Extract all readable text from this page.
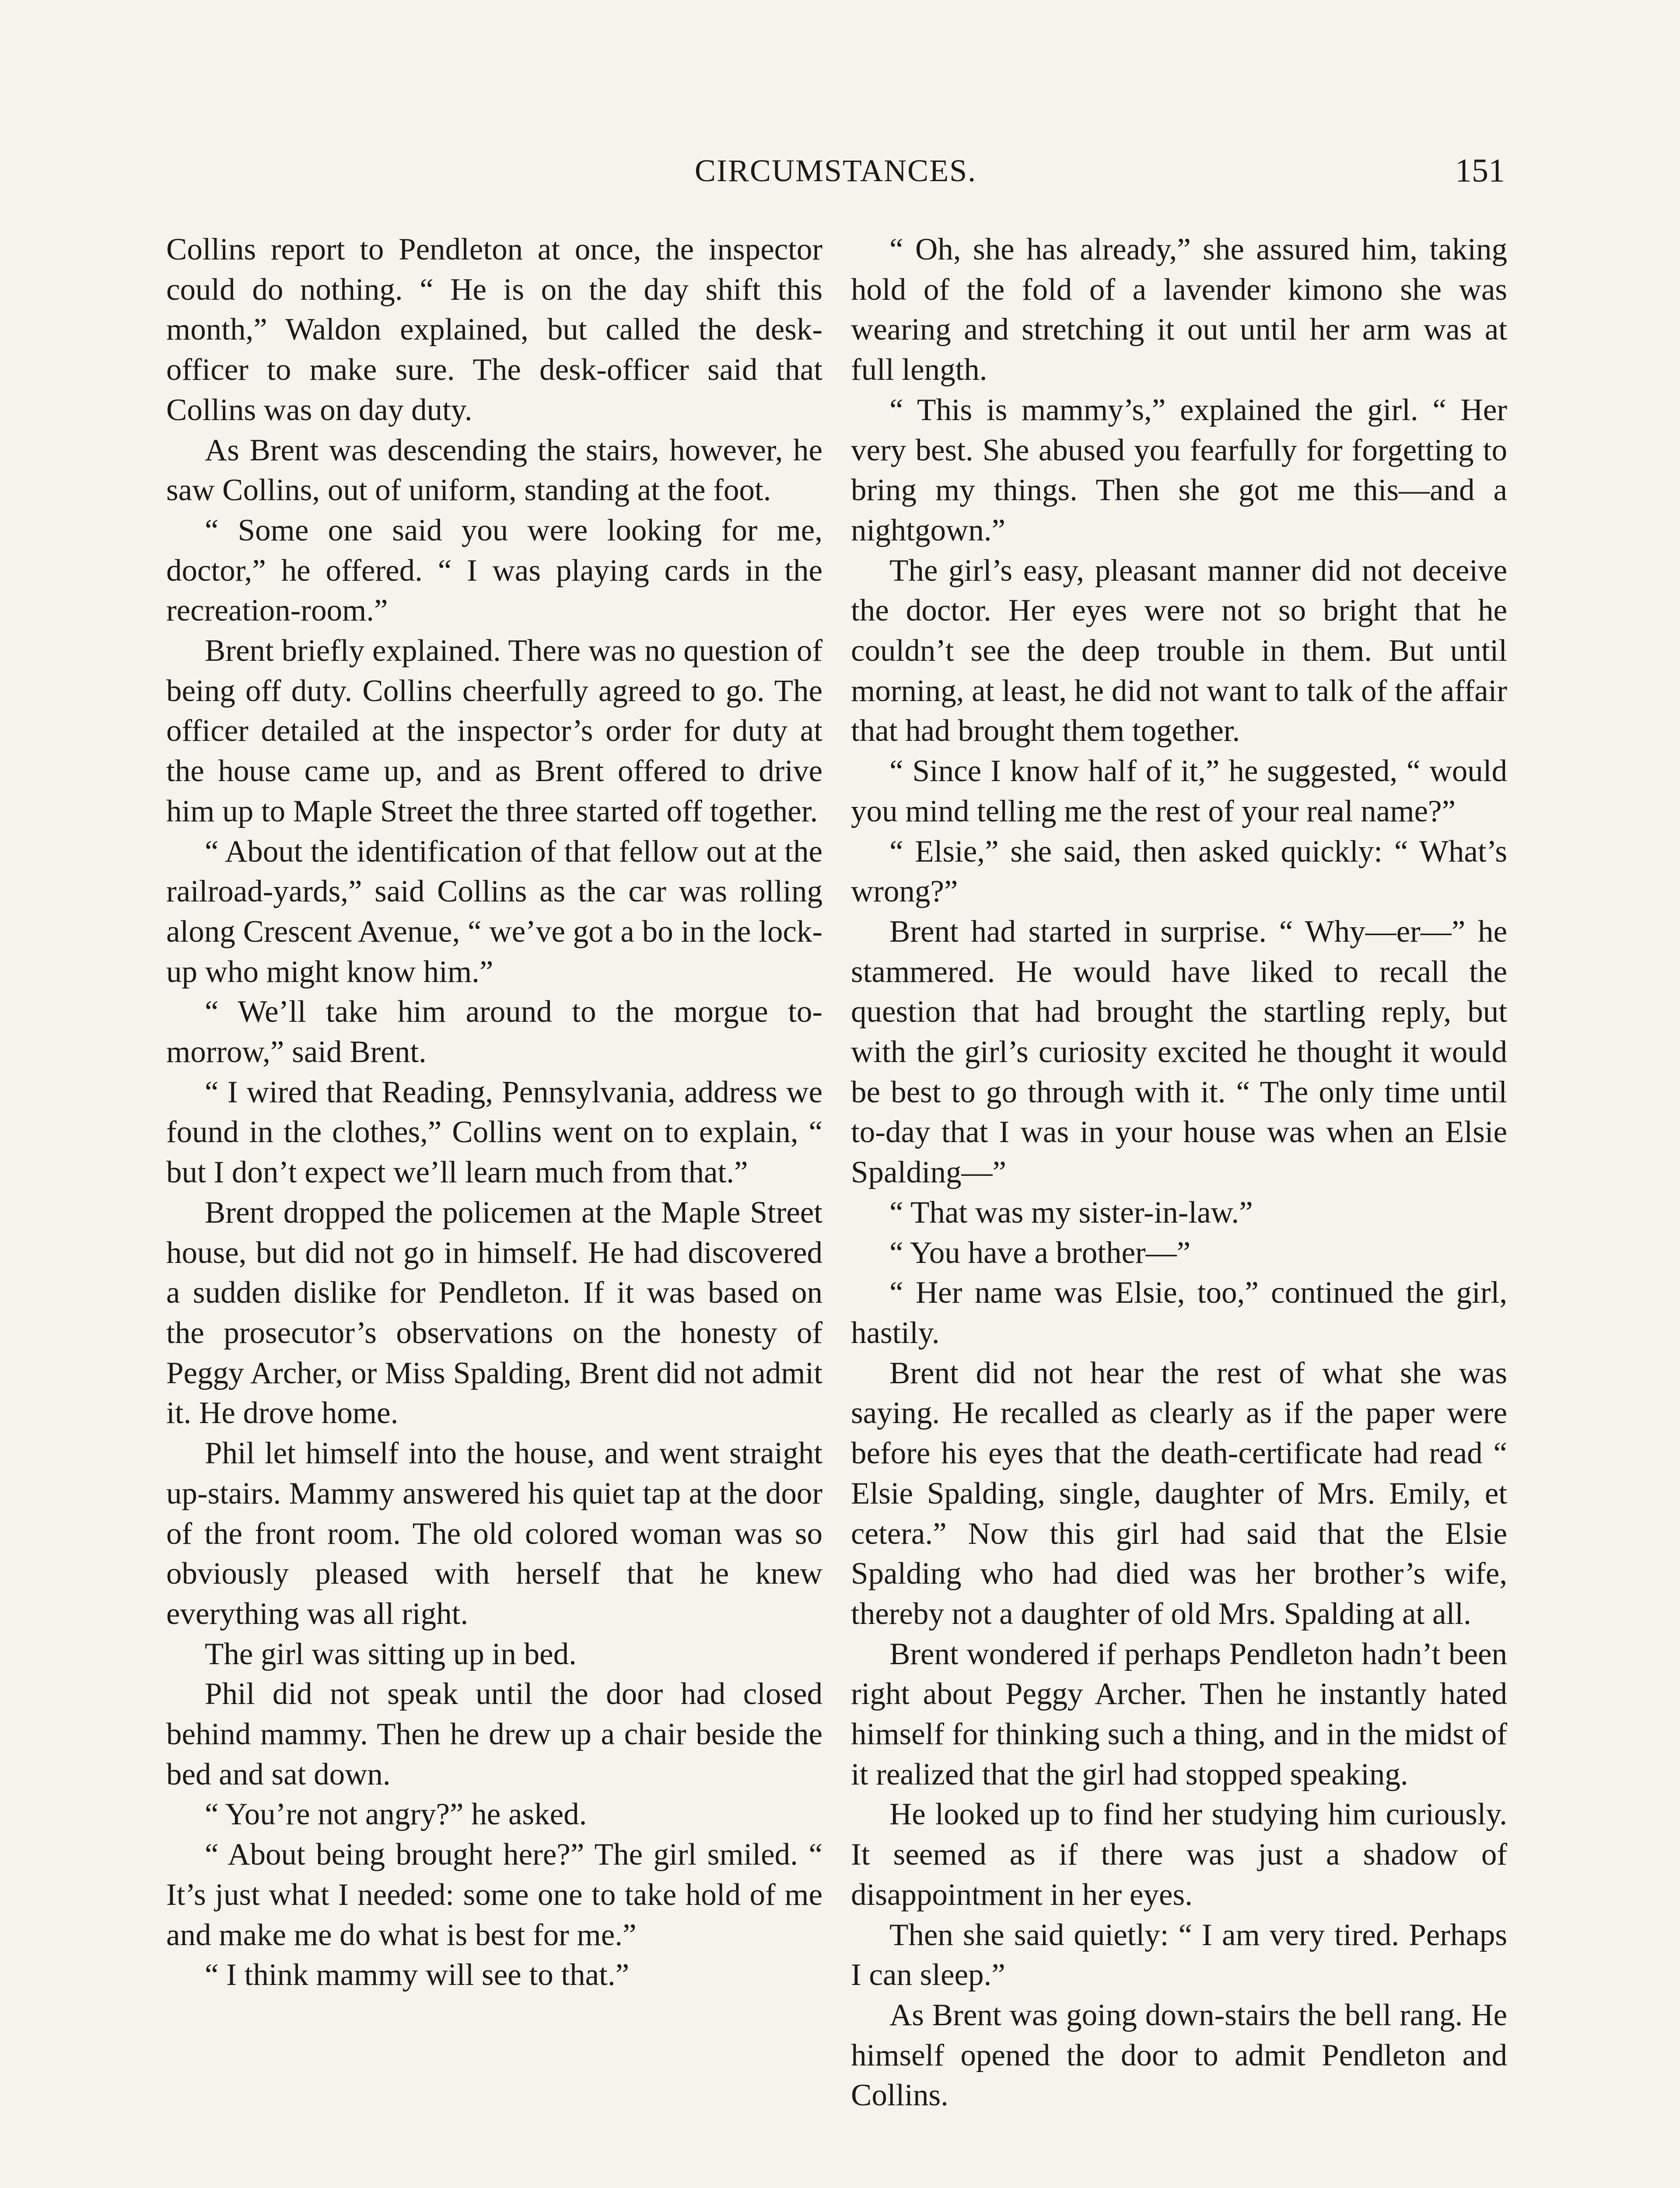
CIRCUMSTANCES.	151

Collins report to Pendleton at once, the inspector could do nothing. “ He is on the day shift this month,” Waldon explained, but called the desk-officer to make sure. The desk-officer said that Collins was on day duty.

As Brent was descending the stairs, however, he saw Collins, out of uniform, standing at the foot.

“ Some one said you were looking for me, doctor,” he offered. “ I was playing cards in the recreation-room.”

Brent briefly explained. There was no question of being off duty. Collins cheerfully agreed to go. The officer detailed at the inspector’s order for duty at the house came up, and as Brent offered to drive him up to Maple Street the three started off together.

“ About the identification of that fellow out at the railroad-yards,” said Collins as the car was rolling along Crescent Avenue, “ we’ve got a bo in the lock-up who might know him.”

“ We’ll take him around to the morgue to-morrow,” said Brent.

“ I wired that Reading, Pennsylvania, address we found in the clothes,” Collins went on to explain, “ but I don’t expect we’ll learn much from that.”

Brent dropped the policemen at the Maple Street house, but did not go in himself. He had discovered a sudden dislike for Pendleton. If it was based on the prosecutor’s observations on the honesty of Peggy Archer, or Miss Spalding, Brent did not admit it. He drove home.

Phil let himself into the house, and went straight up-stairs. Mammy answered his quiet tap at the door of the front room. The old colored woman was so obviously pleased with herself that he knew everything was all right.

The girl was sitting up in bed.

Phil did not speak until the door had closed behind mammy. Then he drew up a chair beside the bed and sat down.

“ You’re not angry?” he asked.

“ About being brought here?” The girl smiled. “ It’s just what I needed: some one to take hold of me and make me do what is best for me.”

“ I think mammy will see to that.”

“ Oh, she has already,” she assured him, taking hold of the fold of a lavender kimono she was wearing and stretching it out until her arm was at full length.

“ This is mammy’s,” explained the girl. “ Her very best. She abused you fearfully for forgetting to bring my things. Then she got me this—and a nightgown.”

The girl’s easy, pleasant manner did not deceive the doctor. Her eyes were not so bright that he couldn’t see the deep trouble in them. But until morning, at least, he did not want to talk of the affair that had brought them together.

“ Since I know half of it,” he suggested, “ would you mind telling me the rest of your real name?”

“ Elsie,” she said, then asked quickly: “ What’s wrong?”

Brent had started in surprise. “ Why—er—” he stammered. He would have liked to recall the question that had brought the startling reply, but with the girl’s curiosity excited he thought it would be best to go through with it. “ The only time until to-day that I was in your house was when an Elsie Spalding—”

“ That was my sister-in-law.”

“ You have a brother—”

“ Her name was Elsie, too,” continued the girl, hastily.

Brent did not hear the rest of what she was saying. He recalled as clearly as if the paper were before his eyes that the death-certificate had read “ Elsie Spalding, single, daughter of Mrs. Emily, et cetera.” Now this girl had said that the Elsie Spalding who had died was her brother’s wife, thereby not a daughter of old Mrs. Spalding at all.

Brent wondered if perhaps Pendleton hadn’t been right about Peggy Archer. Then he instantly hated himself for thinking such a thing, and in the midst of it realized that the girl had stopped speaking.

He looked up to find her studying him curiously. It seemed as if there was just a shadow of disappointment in her eyes.

Then she said quietly: “ I am very tired. Perhaps I can sleep.”

As Brent was going down-stairs the bell rang. He himself opened the door to admit Pendleton and Collins.
